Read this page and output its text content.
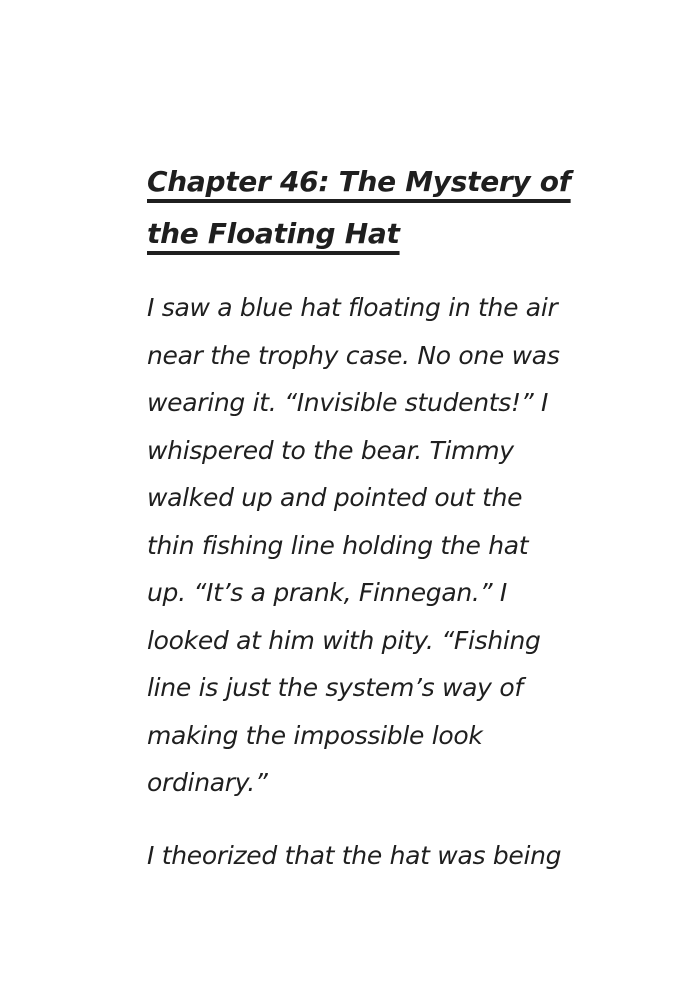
Chapter 46: The Mystery of
the Floating Hat
I saw a blue hat floating in the air
near the trophy case. No one was
wearing it. “Invisible students!” I
whispered to the bear. Timmy
walked up and pointed out the
thin fishing line holding the hat
up. “It’s a prank, Finnegan.” I
looked at him with pity. “Fishing
line is just the system’s way of
making the impossible look
ordinary.”
I theorized that the hat was being
